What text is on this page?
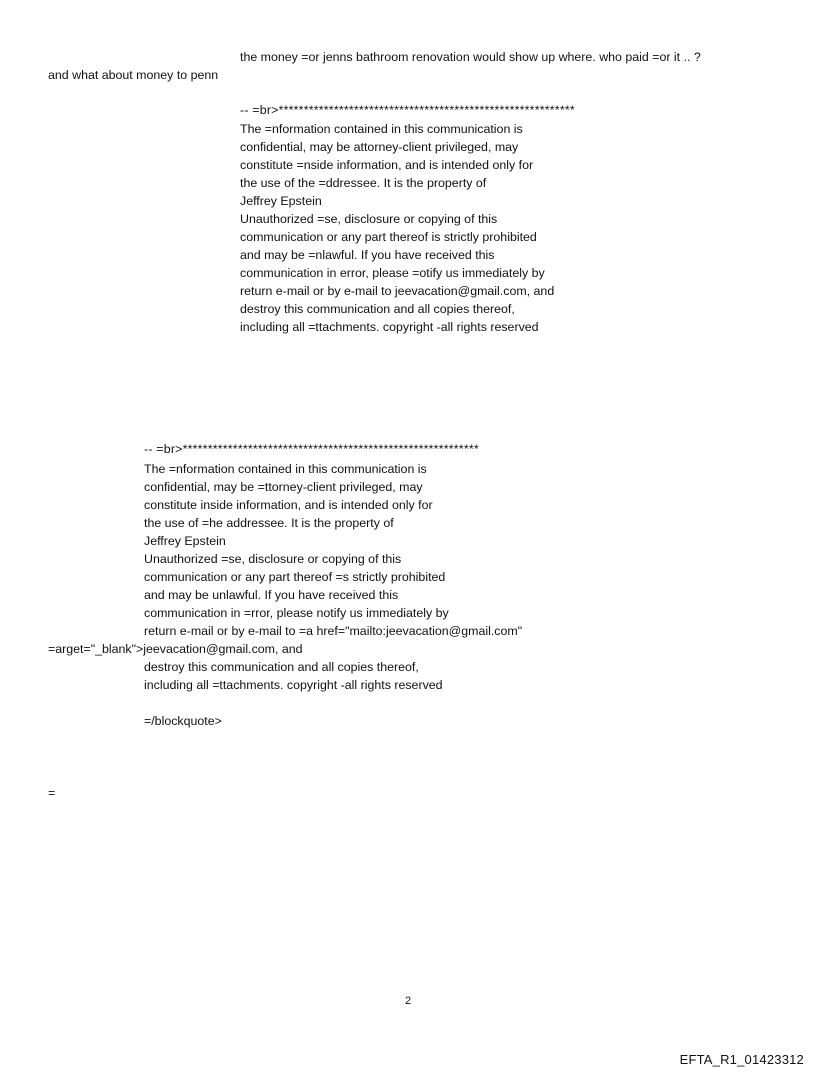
the money =or jenns bathroom renovation would show up where. who paid =or it .. ?
and what about money to penn
-- =br>***********************************************************
The =nformation contained in this communication is
confidential, may be attorney-client privileged, may
constitute =nside information, and is intended only for
the use of the =ddressee. It is the property of
Jeffrey Epstein
Unauthorized =se, disclosure or copying of this
communication or any part thereof is strictly prohibited
and may be =nlawful. If you have received this
communication in error, please =otify us immediately by
return e-mail or by e-mail to jeevacation@gmail.com, and
destroy this communication and all copies thereof,
including all =ttachments. copyright -all rights reserved
-- =br>***********************************************************
The =nformation contained in this communication is
confidential, may be =ttorney-client privileged, may
constitute inside information, and is intended only for
the use of =he addressee. It is the property of
Jeffrey Epstein
Unauthorized =se, disclosure or copying of this
communication or any part thereof =s strictly prohibited
and may be unlawful. If you have received this
communication in =rror, please notify us immediately by
return e-mail or by e-mail to =a href="mailto:jeevacation@gmail.com"
=arget="_blank">jeevacation@gmail.com, and
destroy this communication and all copies thereof,
including all =ttachments. copyright -all rights reserved
=/blockquote>
=
2
EFTA_R1_01423312
